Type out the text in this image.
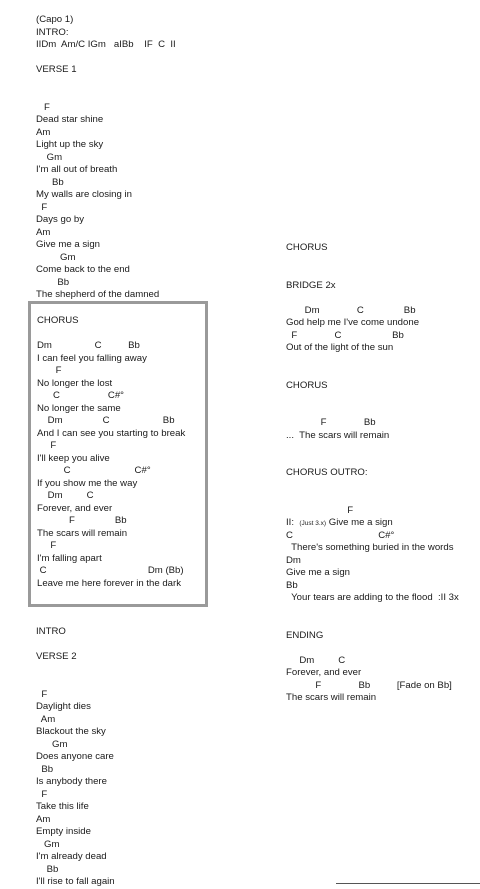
(Capo 1)
INTRO:
IIDm  Am/C IGm   aIBb    IF  C  II
VERSE 1
F
Dead star shine
Am
Light up the sky
Gm
I'm all out of breath
Bb
My walls are closing in
F
Days go by
Am
Give me a sign
Gm
Come back to the end
Bb
The shepherd of the damned
CHORUS
Dm                C          Bb
I can feel you falling away
F
No longer the lost
C                  C#°
No longer the same
Dm               C                    Bb
And I can see you starting to break
F
I'll keep you alive
C                        C#°
If you show me the way
Dm         C
Forever, and ever
F               Bb
The scars will remain
F
I'm falling apart
C                                      Dm (Bb)
Leave me here forever in the dark
INTRO
VERSE 2
F
Daylight dies
Am
Blackout the sky
Gm
Does anyone care
Bb
Is anybody there
F
Take this life
Am
Empty inside
Gm
I'm already dead
Bb
I'll rise to fall again
CHORUS
BRIDGE 2x
Dm              C               Bb
God help me I've come undone
F              C                   Bb
Out of the light of the sun
CHORUS
F              Bb
...  The scars will remain
CHORUS OUTRO:
F
II:  (Just 3.x) Give me a sign
C                                C#°
There's something buried in the words
Dm
Give me a sign
Bb
Your tears are adding to the flood  :II 3x
ENDING
Dm         C
Forever, and ever
F              Bb          [Fade on Bb]
The scars will remain
